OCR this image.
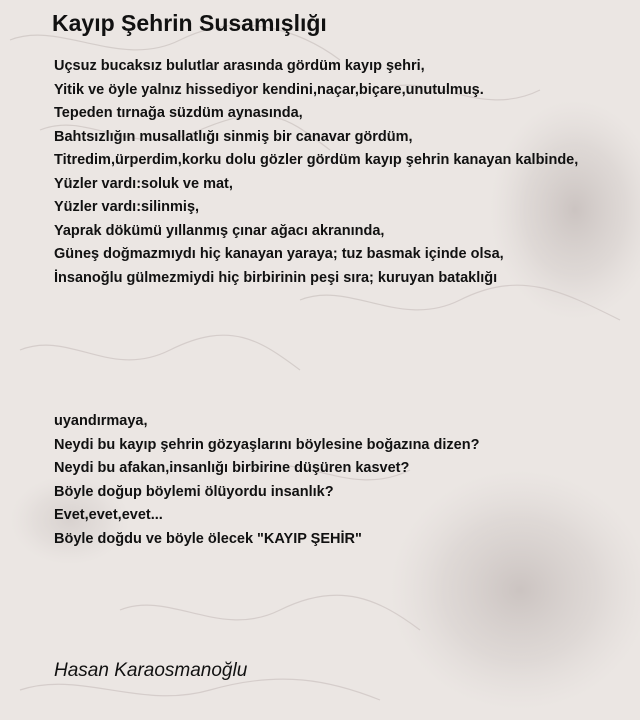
Kayıp Şehrin Susamışlığı
Uçsuz bucaksız bulutlar arasında gördüm kayıp şehri,
Yitik ve öyle yalnız hissediyor kendini,naçar,biçare,unutulmuş.
Tepeden tırnağa süzdüm aynasında,
Bahtsızlığın musallatlığı sinmiş bir canavar gördüm,
Titredim,ürperdim,korku dolu gözler gördüm kayıp şehrin kanayan kalbinde,
Yüzler vardı:soluk ve mat,
Yüzler vardı:silinmiş,
Yaprak dökümü yıllanmış çınar ağacı akranında,
Güneş doğmazmıydı hiç kanayan yaraya; tuz basmak içinde olsa,
İnsanoğlu gülmezmiydi hiç birbirinin peşi sıra; kuruyan bataklığı
uyandırmaya,
Neydi bu kayıp şehrin gözyaşlarını böylesine boğazına dizen?
Neydi bu afakan,insanlığı birbirine düşüren kasvet?
Böyle doğup böylemi ölüyordu insanlık?
Evet,evet,evet...
Böyle doğdu ve böyle ölecek "KAYIP ŞEHİR"
Hasan Karaosmanoğlu
